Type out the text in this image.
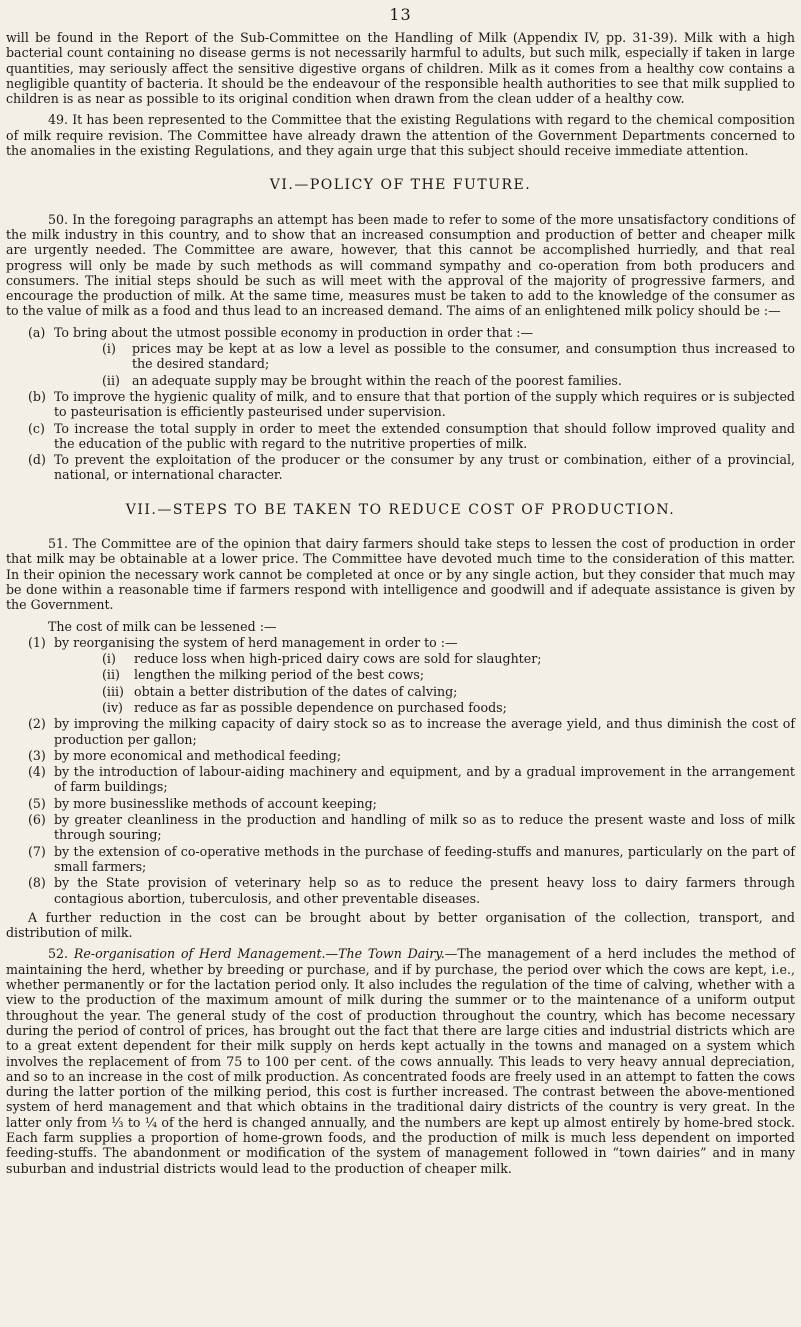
13

will be found in the Report of the Sub-Committee on the Handling of Milk (Appendix IV, pp. 31-39). Milk with a high bacterial count containing no disease germs is not necessarily harmful to adults, but such milk, especially if taken in large quantities, may seriously affect the sensitive digestive organs of children. Milk as it comes from a healthy cow contains a negligible quantity of bacteria. It should be the endeavour of the responsible health authorities to see that milk supplied to children is as near as possible to its original condition when drawn from the clean udder of a healthy cow.

49. It has been represented to the Committee that the existing Regulations with regard to the chemical composition of milk require revision. The Committee have already drawn the attention of the Government Departments concerned to the anomalies in the existing Regulations, and they again urge that this subject should receive immediate attention.

VI.—POLICY OF THE FUTURE.

50. In the foregoing paragraphs an attempt has been made to refer to some of the more unsatisfactory conditions of the milk industry in this country, and to show that an increased consumption and production of better and cheaper milk are urgently needed. The Committee are aware, however, that this cannot be accomplished hurriedly, and that real progress will only be made by such methods as will command sympathy and co-operation from both producers and consumers. The initial steps should be such as will meet with the approval of the majority of progressive farmers, and encourage the production of milk. At the same time, measures must be taken to add to the knowledge of the consumer as to the value of milk as a food and thus lead to an increased demand. The aims of an enlightened milk policy should be :—

(a) To bring about the utmost possible economy in production in order that :—
(i)	prices may be kept at as low a level as possible to the consumer, and consumption thus increased to the desired standard;
(ii) an adequate supply may be brought within the reach of the poorest families.
(b) To improve the hygienic quality of milk, and to ensure that that portion of the supply which requires or is subjected to pasteurisation is efficiently pasteurised under supervision.
(c) To increase the total supply in order to meet the extended consumption that should follow improved quality and the education of the public with regard to the nutritive properties of milk.
(d) To prevent the exploitation of the producer or the consumer by any trust or combination, either of a provincial, national, or international character.
VII.—STEPS TO BE TAKEN TO REDUCE COST OF PRODUCTION.

51. The Committee are of the opinion that dairy farmers should take steps to lessen the cost of production in order that milk may be obtainable at a lower price. The Committee have devoted much time to the consideration of this matter. In their opinion the necessary work cannot be completed at once or by any single action, but they consider that much may be done within a reasonable time if farmers respond with intelligence and goodwill and if adequate assistance is given by the Government.

The cost of milk can be lessened :—

(1) by reorganising the system of herd management in order to :—
(i)	reduce loss when high-priced dairy cows are sold for slaughter;
(ii)	lengthen the milking period of the best cows;
(iii) obtain a better distribution of the dates of calving;
(iv) reduce as far as possible dependence on purchased foods;
(2) by improving the milking capacity of dairy stock so as to increase the average yield, and thus diminish the cost of production per gallon;
(3) by more economical and methodical feeding;
(4) by the introduction of labour-aiding machinery and equipment, and by a gradual improvement in the arrangement of farm buildings;
(5) by more businesslike methods of account keeping;
(6) by greater cleanliness in the production and handling of milk so as to reduce the present waste and loss of milk through souring;
(7) by the extension of co-operative methods in the purchase of feeding-stuffs and manures, particularly on the part of small farmers;
(8) by the State provision of veterinary help so as to reduce the present heavy loss to dairy farmers through contagious abortion, tuberculosis, and other preventable diseases.

A further reduction in the cost can be brought about by better organisation of the collection, transport, and distribution of milk.

52. Re-organisation of Herd Management.—The Town Dairy.—The management of a herd includes the method of maintaining the herd, whether by breeding or purchase, and if by purchase, the period over which the cows are kept, i.e., whether permanently or for the lactation period only. It also includes the regulation of the time of calving, whether with a view to the production of the maximum amount of milk during the summer or to the maintenance of a uniform output throughout the year. The general study of the cost of production throughout the country, which has become necessary during the period of control of prices, has brought out the fact that there are large cities and industrial districts which are to a great extent dependent for their milk supply on herds kept actually in the towns and managed on a system which involves the replacement of from 75 to 100 per cent. of the cows annually. This leads to very heavy annual depreciation, and so to an increase in the cost of milk production. As concentrated foods are freely used in an attempt to fatten the cows during the latter portion of the milking period, this cost is further increased. The contrast between the above-mentioned system of herd management and that which obtains in the traditional dairy districts of the country is very great. In the latter only from ⅓ to ¼ of the herd is changed annually, and the numbers are kept up almost entirely by home-bred stock. Each farm supplies a proportion of home-grown foods, and the production of milk is much less dependent on imported feeding-stuffs. The abandonment or modification of the system of management followed in “town dairies” and in many suburban and industrial districts would lead to the production of cheaper milk.
